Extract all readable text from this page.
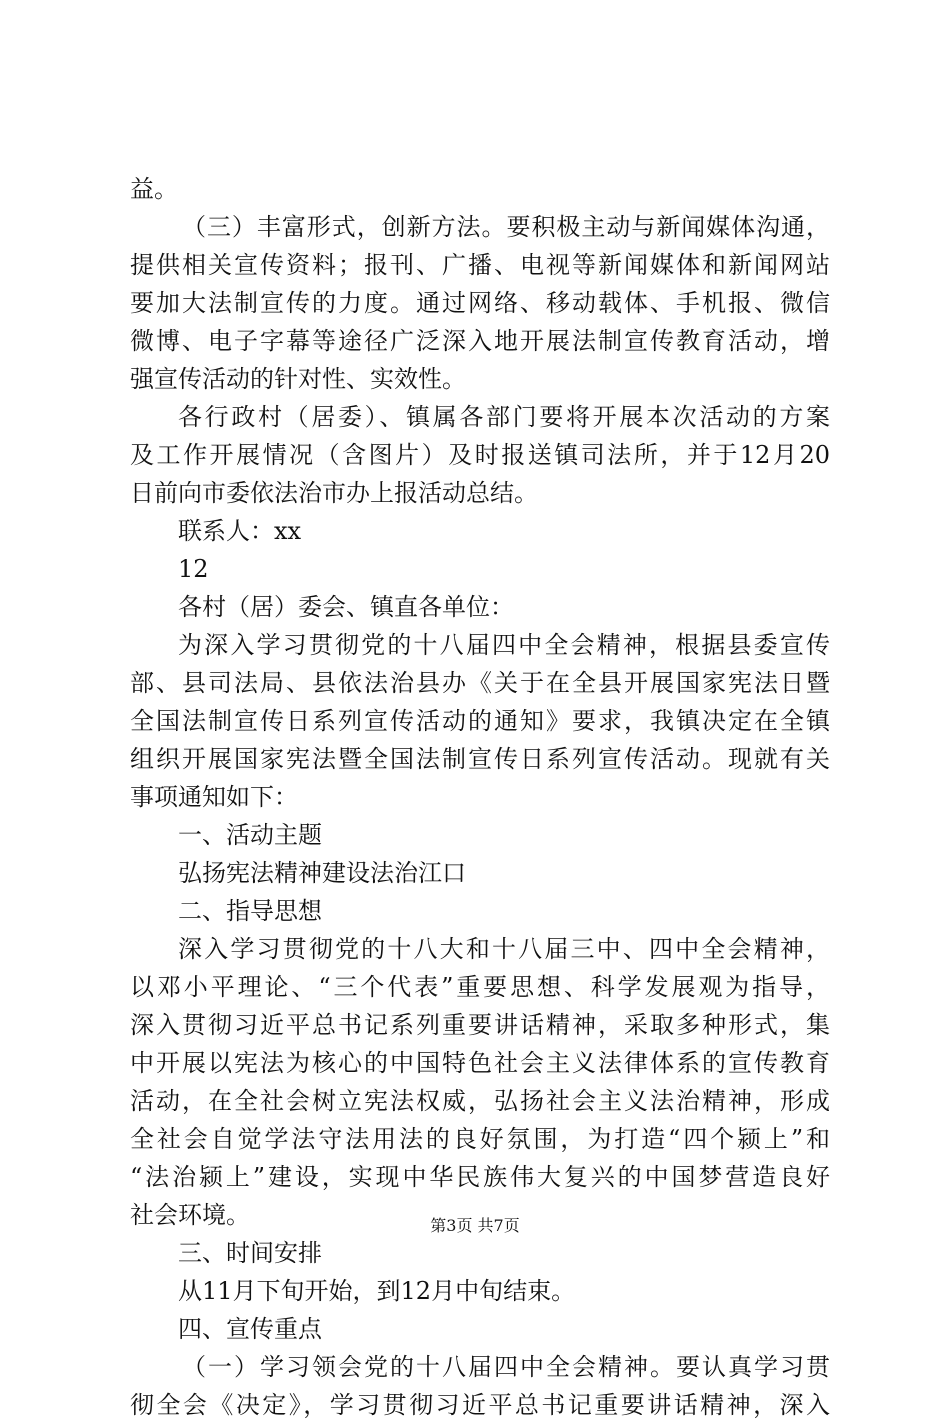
益。
（三）丰富形式，创新方法。要积极主动与新闻媒体沟通，
提供相关宣传资料；报刊、广播、电视等新闻媒体和新闻网站
要加大法制宣传的力度。通过网络、移动载体、手机报、微信
微博、电子字幕等途径广泛深入地开展法制宣传教育活动，增
强宣传活动的针对性、实效性。
各行政村（居委）、镇属各部门要将开展本次活动的方案
及工作开展情况（含图片）及时报送镇司法所，并于12月20
日前向市委依法治市办上报活动总结。
联系人：xx
12
各村（居）委会、镇直各单位：
为深入学习贯彻党的十八届四中全会精神，根据县委宣传
部、县司法局、县依法治县办《关于在全县开展国家宪法日暨
全国法制宣传日系列宣传活动的通知》要求，我镇决定在全镇
组织开展国家宪法暨全国法制宣传日系列宣传活动。现就有关
事项通知如下：
一、活动主题
弘扬宪法精神建设法治江口
二、指导思想
深入学习贯彻党的十八大和十八届三中、四中全会精神，
以邓小平理论、“三个代表”重要思想、科学发展观为指导，
深入贯彻习近平总书记系列重要讲话精神，采取多种形式，集
中开展以宪法为核心的中国特色社会主义法律体系的宣传教育
活动，在全社会树立宪法权威，弘扬社会主义法治精神，形成
全社会自觉学法守法用法的良好氛围，为打造“四个颍上”和
“法治颍上”建设，实现中华民族伟大复兴的中国梦营造良好
社会环境。
三、时间安排
从11月下旬开始，到12月中旬结束。
四、宣传重点
（一）学习领会党的十八届四中全会精神。要认真学习贯
彻全会《决定》，学习贯彻习近平总书记重要讲话精神，深入
第3页 共7页
